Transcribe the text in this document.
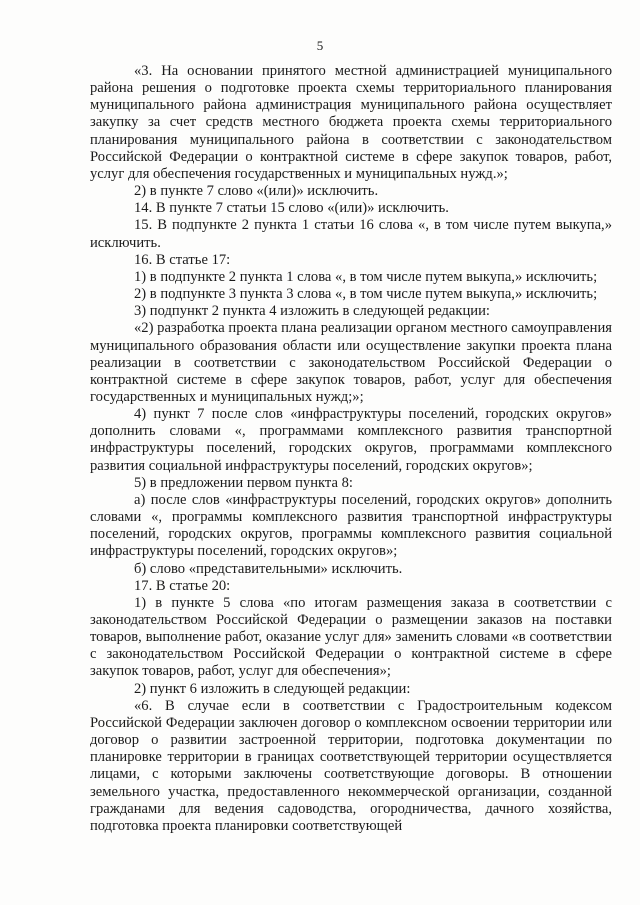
5

«3. На основании принятого местной администрацией муниципального района решения о подготовке проекта схемы территориального планирования муниципального района администрация муниципального района осуществляет закупку за счет средств местного бюджета проекта схемы территориального планирования муниципального района в соответствии с законодательством Российской Федерации о контрактной системе в сфере закупок товаров, работ, услуг для обеспечения государственных и муниципальных нужд.»;

2) в пункте 7 слово «(или)» исключить.

14. В пункте 7 статьи 15 слово «(или)» исключить.

15. В подпункте 2 пункта 1 статьи 16 слова «, в том числе путем выкупа,» исключить.

16. В статье 17:

1) в подпункте 2 пункта 1 слова «, в том числе путем выкупа,» исключить;

2) в подпункте 3 пункта 3 слова «, в том числе путем выкупа,» исключить;

3) подпункт 2 пункта 4 изложить в следующей редакции:

«2) разработка проекта плана реализации органом местного самоуправления муниципального образования области или осуществление закупки проекта плана реализации в соответствии с законодательством Российской Федерации о контрактной системе в сфере закупок товаров, работ, услуг для обеспечения государственных и муниципальных нужд;»;

4) пункт 7 после слов «инфраструктуры поселений, городских округов» дополнить словами «, программами комплексного развития транспортной инфраструктуры поселений, городских округов, программами комплексного развития социальной инфраструктуры поселений, городских округов»;

5) в предложении первом пункта 8:

а) после слов «инфраструктуры поселений, городских округов» дополнить словами «, программы комплексного развития транспортной инфраструктуры поселений, городских округов, программы комплексного развития социальной инфраструктуры поселений, городских округов»;

б) слово «представительными» исключить.

17. В статье 20:

1) в пункте 5 слова «по итогам размещения заказа в соответствии с законодательством Российской Федерации о размещении заказов на поставки товаров, выполнение работ, оказание услуг для» заменить словами «в соответствии с законодательством Российской Федерации о контрактной системе в сфере закупок товаров, работ, услуг для обеспечения»;

2) пункт 6 изложить в следующей редакции:

«6. В случае если в соответствии с Градостроительным кодексом Российской Федерации заключен договор о комплексном освоении территории или договор о развитии застроенной территории, подготовка документации по планировке территории в границах соответствующей территории осуществляется лицами, с которыми заключены соответствующие договоры. В отношении земельного участка, предоставленного некоммерческой организации, созданной гражданами для ведения садоводства, огородничества, дачного хозяйства, подготовка проекта планировки соответствующей
